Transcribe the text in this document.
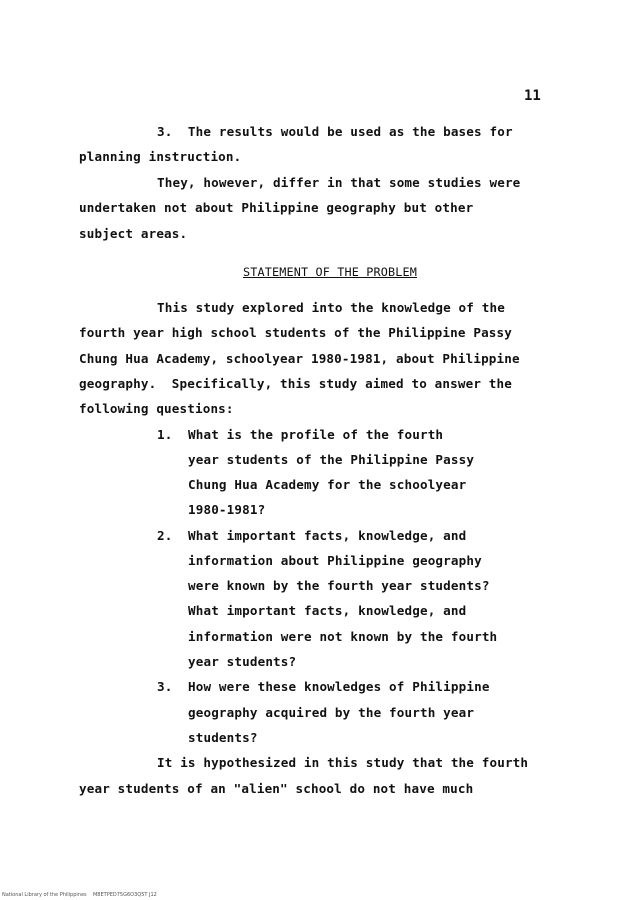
11
3.  The results would be used as the bases for
planning instruction.
They, however, differ in that some studies were
undertaken not about Philippine geography but other
subject areas.
STATEMENT OF THE PROBLEM
This study explored into the knowledge of the
fourth year high school students of the Philippine Passy
Chung Hua Academy, schoolyear 1980-1981, about Philippine
geography.  Specifically, this study aimed to answer the
following questions:
1. What is the profile of the fourth
year students of the Philippine Passy
Chung Hua Academy for the schoolyear
1980-1981?
2. What important facts, knowledge, and
information about Philippine geography
were known by the fourth year students?
What important facts, knowledge, and
information were not known by the fourth
year students?
3. How were these knowledges of Philippine
geography acquired by the fourth year
students?
It is hypothesized in this study that the fourth
year students of an "alien" school do not have much
National Library of the Philippines    M8ETPED75G6O3Q5T J12
